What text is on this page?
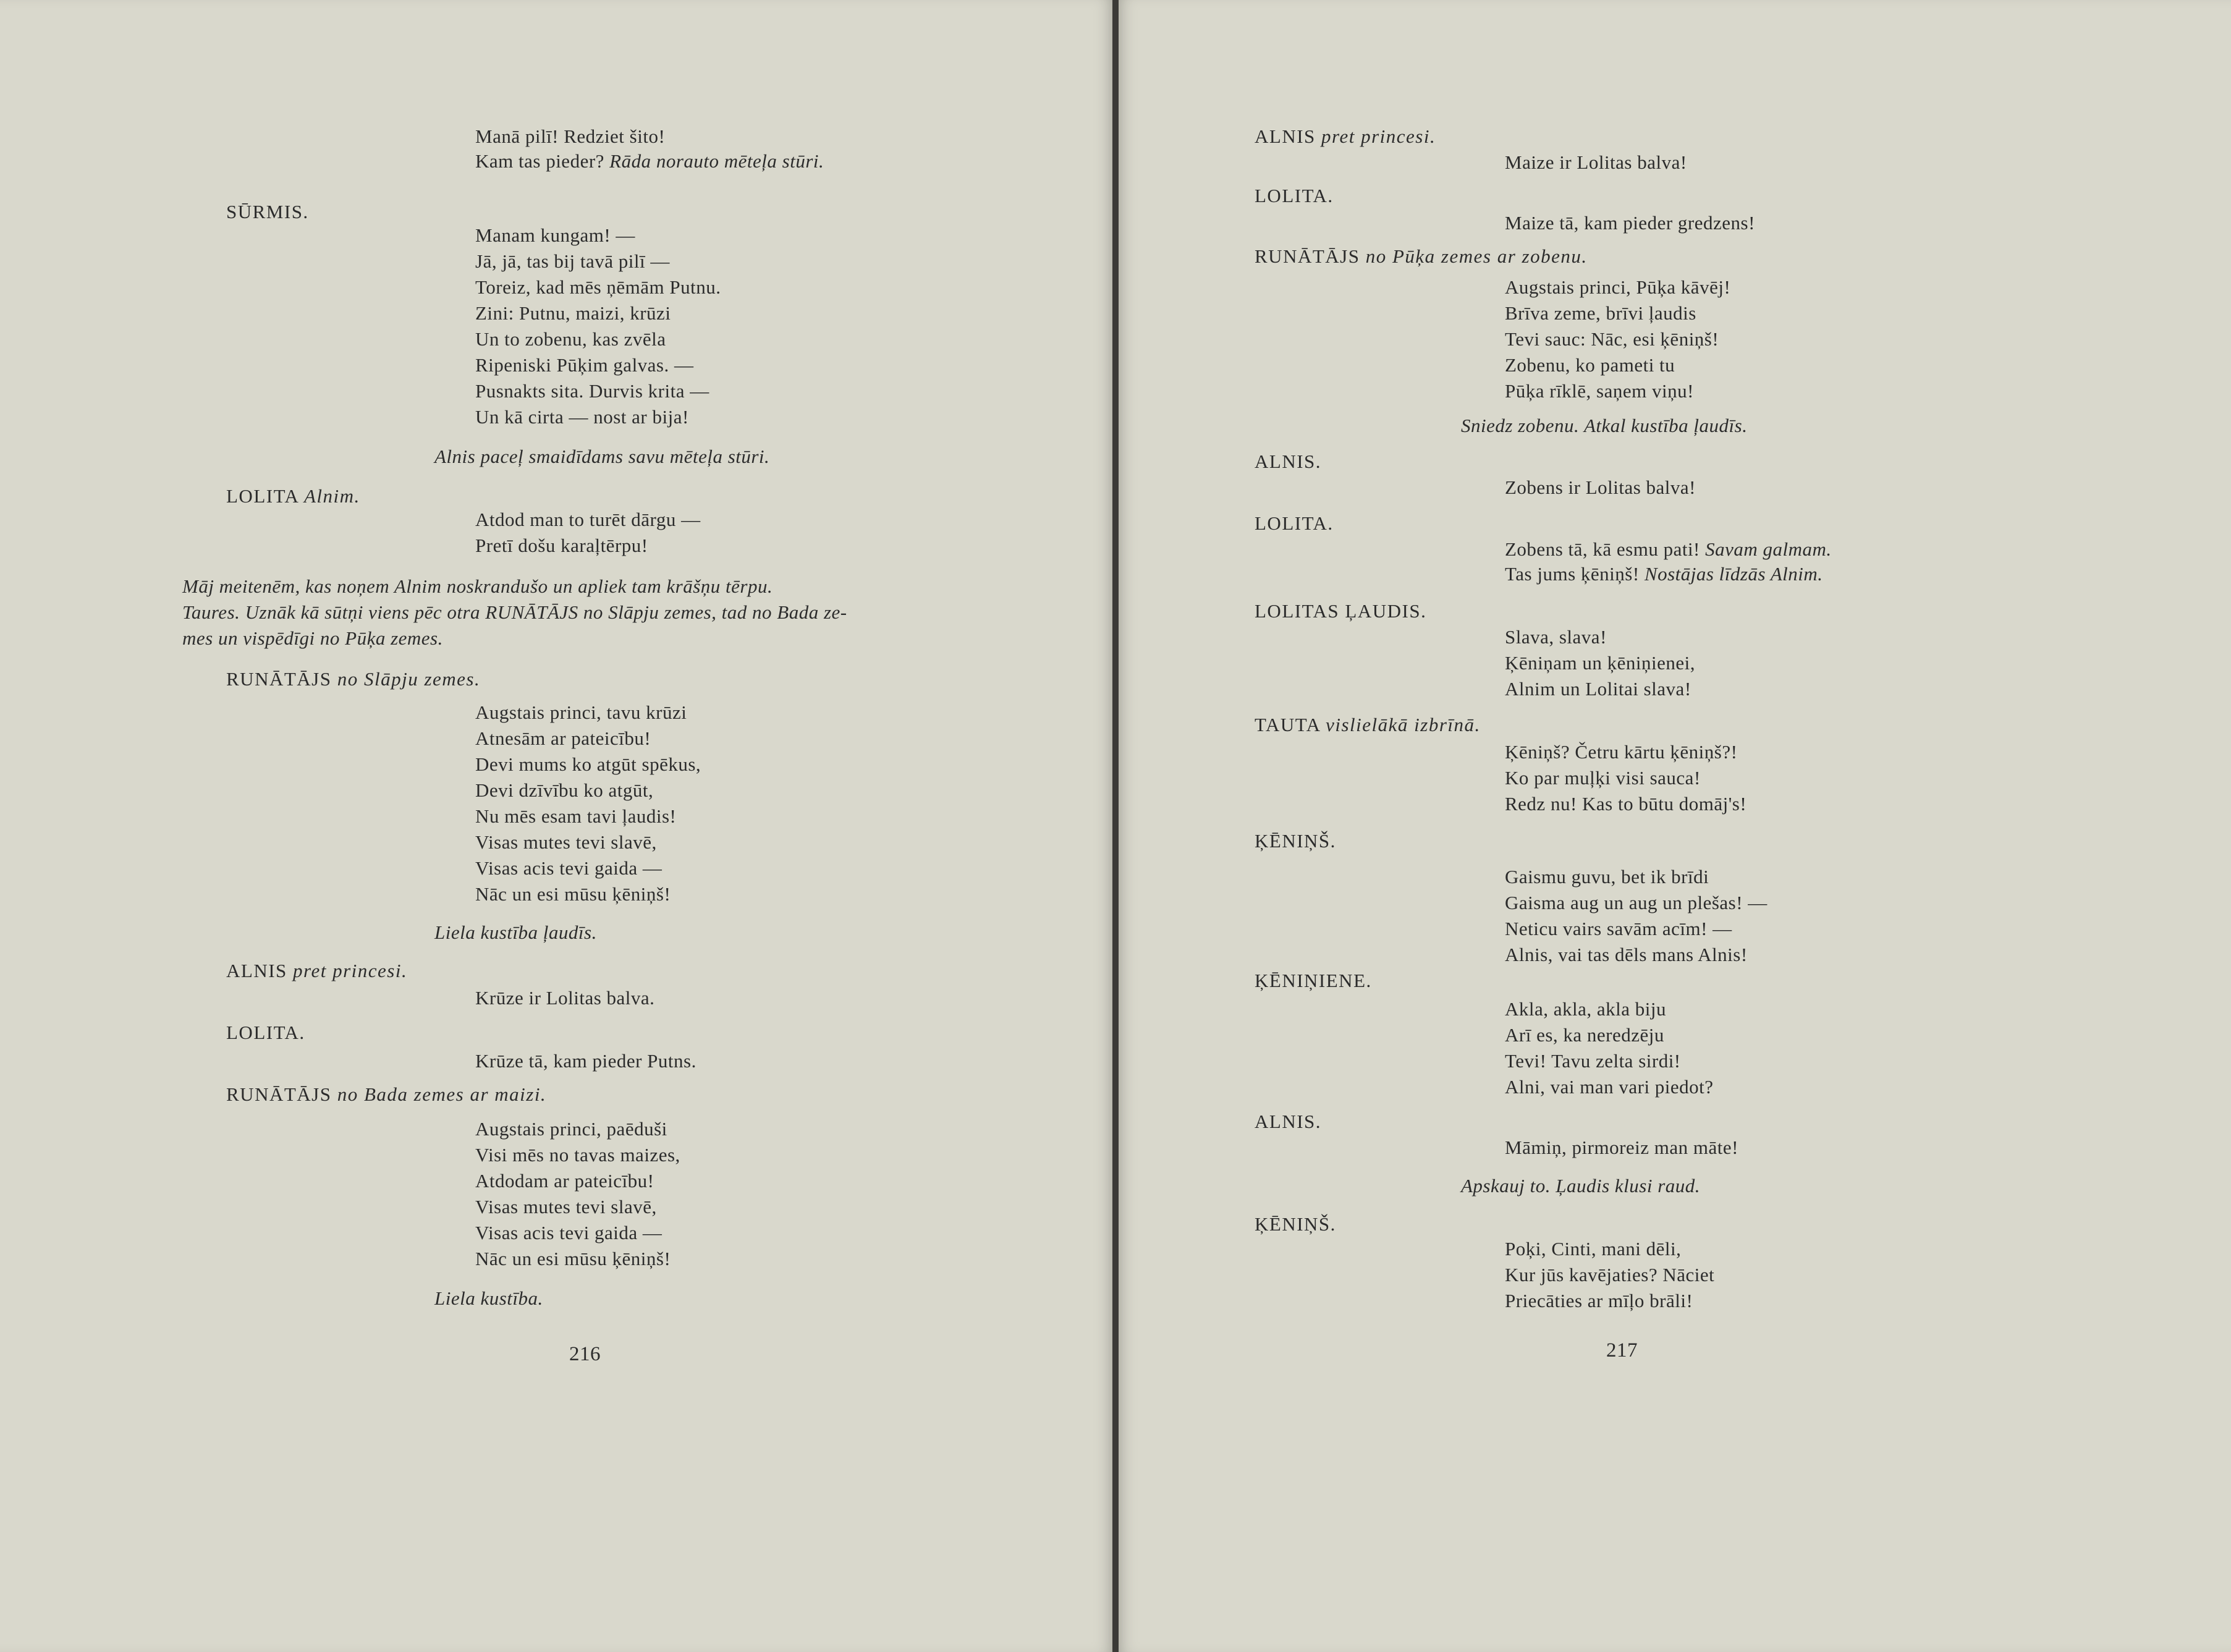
Manā pilī! Redziet šito!
Kam tas pieder? Rāda norauto mēteļa stūri.
SŪRMIS.
Manam kungam! —
Jā, jā, tas bij tavā pilī —
Toreiz, kad mēs ņēmām Putnu.
Zini: Putnu, maizi, krūzi
Un to zobenu, kas zvēla
Ripeniski Pūķim galvas. —
Pusnakts sita. Durvis krita —
Un kā cirta — nost ar bija!
Alnis paceļ smaidīdams savu mēteļa stūri.
LOLITA Alnim.
Atdod man to turēt dārgu —
Pretī došu karaļtērpu!
Māj meitenēm, kas noņem Alnim noskrandušo un apliek tam krāšņu tērpu.
Taures. Uznāk kā sūtņi viens pēc otra RUNĀTĀJS no Slāpju zemes, tad no Bada ze-
mes un vispēdīgi no Pūķa zemes.
RUNĀTĀJS no Slāpju zemes.
Augstais princi, tavu krūzi
Atnesām ar pateicību!
Devi mums ko atgūt spēkus,
Devi dzīvību ko atgūt,
Nu mēs esam tavi ļaudis!
Visas mutes tevi slavē,
Visas acis tevi gaida —
Nāc un esi mūsu ķēniņš!
Liela kustība ļaudīs.
ALNIS pret princesi.
Krūze ir Lolitas balva.
LOLITA.
Krūze tā, kam pieder Putns.
RUNĀTĀJS no Bada zemes ar maizi.
Augstais princi, paēduši
Visi mēs no tavas maizes,
Atdodam ar pateicību!
Visas mutes tevi slavē,
Visas acis tevi gaida —
Nāc un esi mūsu ķēniņš!
Liela kustība.
216
ALNIS pret princesi.
Maize ir Lolitas balva!
LOLITA.
Maize tā, kam pieder gredzens!
RUNĀTĀJS no Pūķa zemes ar zobenu.
Augstais princi, Pūķa kāvēj!
Brīva zeme, brīvi ļaudis
Tevi sauc: Nāc, esi ķēniņš!
Zobenu, ko pameti tu
Pūķa rīklē, saņem viņu!
Sniedz zobenu. Atkal kustība ļaudīs.
ALNIS.
Zobens ir Lolitas balva!
LOLITA.
Zobens tā, kā esmu pati! Savam galmam.
Tas jums ķēniņš! Nostājas līdzās Alnim.
LOLITAS ĻAUDIS.
Slava, slava!
Ķēniņam un ķēniņienei,
Alnim un Lolitai slava!
TAUTA vislielākā izbrīnā.
Ķēniņš? Četru kārtu ķēniņš?!
Ko par muļķi visi sauca!
Redz nu! Kas to būtu domāj's!
ĶĒNIŅŠ.
Gaismu guvu, bet ik brīdi
Gaisma aug un aug un plešas! —
Neticu vairs savām acīm! —
Alnis, vai tas dēls mans Alnis!
ĶĒNIŅIENE.
Akla, akla, akla biju
Arī es, ka neredzēju
Tevi! Tavu zelta sirdi!
Alni, vai man vari piedot?
ALNIS.
Māmiņ, pirmoreiz man māte!
Apskauj to. Ļaudis klusi raud.
ĶĒNIŅŠ.
Poķi, Cinti, mani dēli,
Kur jūs kavējaties? Nāciet
Priecāties ar mīļo brāli!
217
